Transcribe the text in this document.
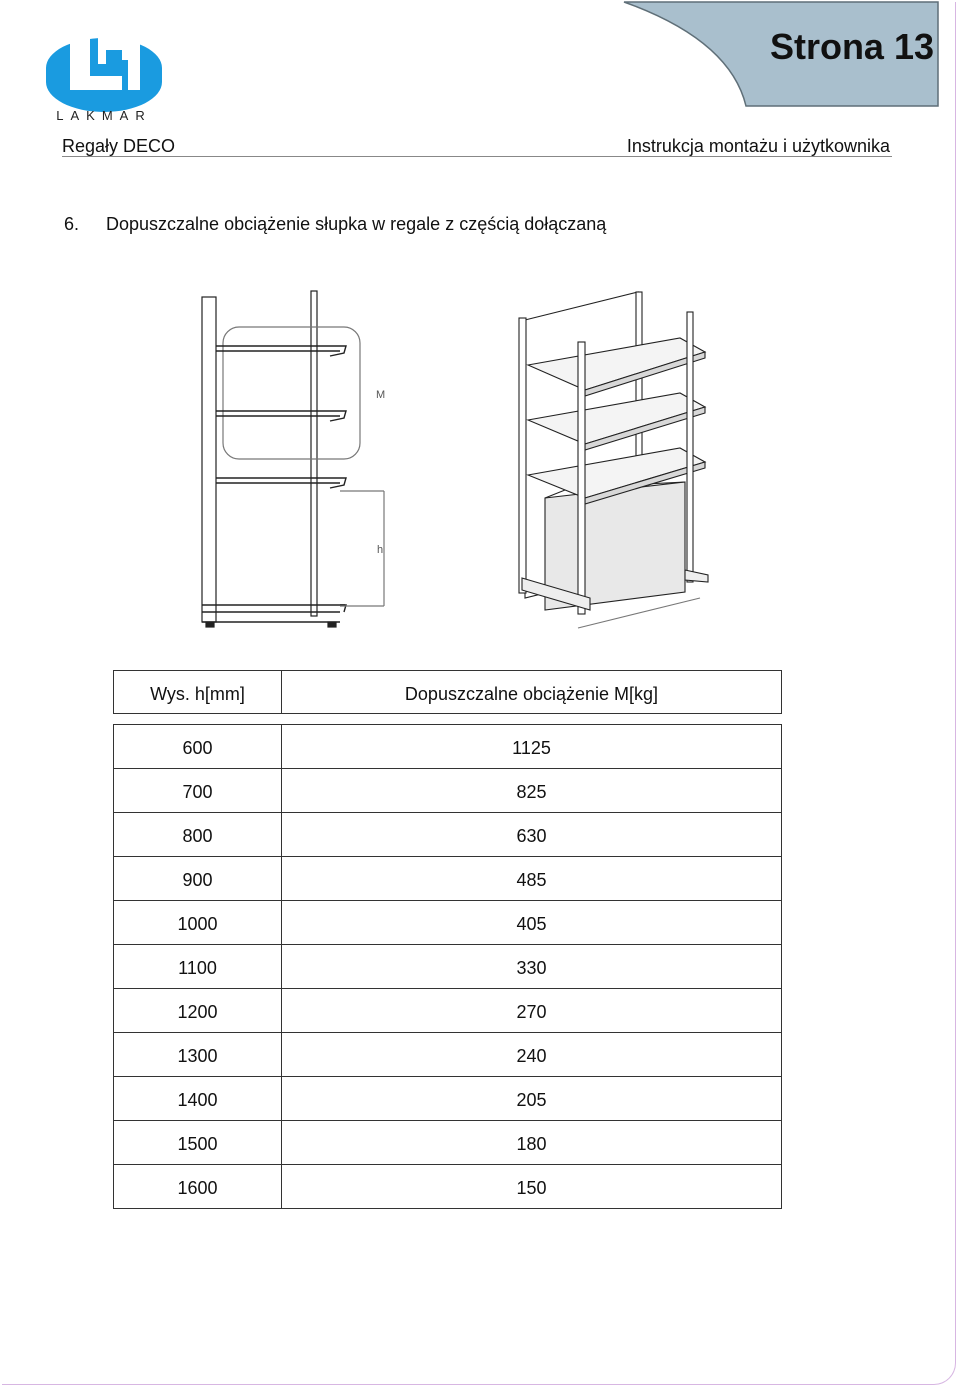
LAKMAR
Strona 13
Regały DECO	Instrukcja montażu i użytkownika
6. Dopuszczalne obciążenie słupka w regale z częścią dołączaną
M
h
Wys. h[mm]	Dopuszczalne obciążenie M[kg]
600	1125
700	825
800	630
900	485
1000	405
1100	330
1200	270
1300	240
1400	205
1500	180
1600	150
